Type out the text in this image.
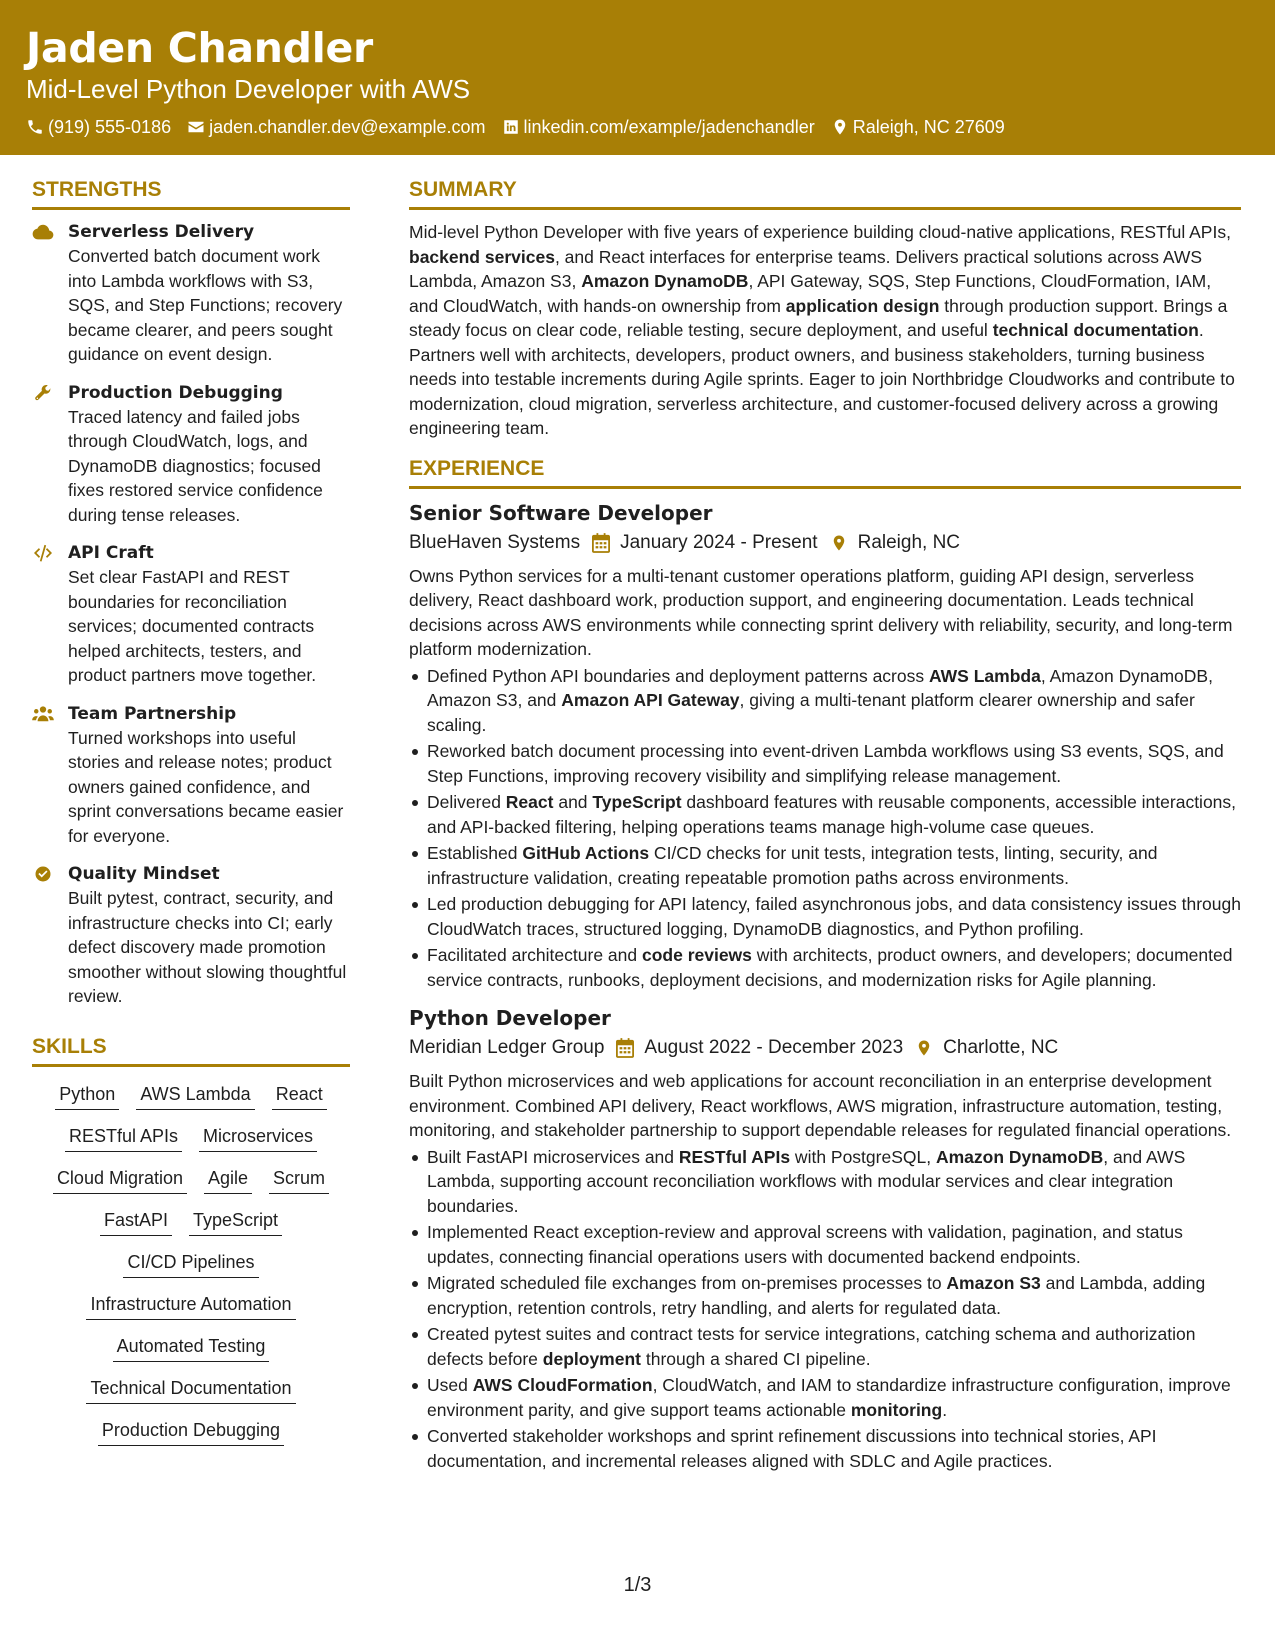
Jaden Chandler
Mid-Level Python Developer with AWS
(919) 555-0186 jaden.chandler.dev@example.com linkedin.com/example/jadenchandler Raleigh, NC 27609
STRENGTHS
Serverless Delivery
Converted batch document work into Lambda workflows with S3, SQS, and Step Functions; recovery became clearer, and peers sought guidance on event design.
Production Debugging
Traced latency and failed jobs through CloudWatch, logs, and DynamoDB diagnostics; focused fixes restored service confidence during tense releases.
API Craft
Set clear FastAPI and REST boundaries for reconciliation services; documented contracts helped architects, testers, and product partners move together.
Team Partnership
Turned workshops into useful stories and release notes; product owners gained confidence, and sprint conversations became easier for everyone.
Quality Mindset
Built pytest, contract, security, and infrastructure checks into CI; early defect discovery made promotion smoother without slowing thoughtful review.
SKILLS
Python AWS Lambda React
RESTful APIs Microservices
Cloud Migration Agile Scrum
FastAPI TypeScript
CI/CD Pipelines
Infrastructure Automation
Automated Testing
Technical Documentation
Production Debugging
SUMMARY

Mid-level Python Developer with five years of experience building cloud-native applications, RESTful APIs, backend services, and React interfaces for enterprise teams. Delivers practical solutions across AWS Lambda, Amazon S3, Amazon DynamoDB, API Gateway, SQS, Step Functions, CloudFormation, IAM, and CloudWatch, with hands-on ownership from application design through production support. Brings a steady focus on clear code, reliable testing, secure deployment, and useful technical documentation. Partners well with architects, developers, product owners, and business stakeholders, turning business needs into testable increments during Agile sprints. Eager to join Northbridge Cloudworks and contribute to modernization, cloud migration, serverless architecture, and customer-focused delivery across a growing engineering team.

EXPERIENCE
Senior Software Developer
BlueHaven Systems January 2024 - Present Raleigh, NC
Owns Python services for a multi-tenant customer operations platform, guiding API design, serverless delivery, React dashboard work, production support, and engineering documentation. Leads technical decisions across AWS environments while connecting sprint delivery with reliability, security, and long-term platform modernization.
Defined Python API boundaries and deployment patterns across AWS Lambda, Amazon DynamoDB, Amazon S3, and Amazon API Gateway, giving a multi-tenant platform clearer ownership and safer scaling.
Reworked batch document processing into event-driven Lambda workflows using S3 events, SQS, and Step Functions, improving recovery visibility and simplifying release management.
Delivered React and TypeScript dashboard features with reusable components, accessible interactions, and API-backed filtering, helping operations teams manage high-volume case queues.
Established GitHub Actions CI/CD checks for unit tests, integration tests, linting, security, and infrastructure validation, creating repeatable promotion paths across environments.
Led production debugging for API latency, failed asynchronous jobs, and data consistency issues through CloudWatch traces, structured logging, DynamoDB diagnostics, and Python profiling.
Facilitated architecture and code reviews with architects, product owners, and developers; documented service contracts, runbooks, deployment decisions, and modernization risks for Agile planning.
Python Developer
Meridian Ledger Group August 2022 - December 2023 Charlotte, NC
Built Python microservices and web applications for account reconciliation in an enterprise development environment. Combined API delivery, React workflows, AWS migration, infrastructure automation, testing, monitoring, and stakeholder partnership to support dependable releases for regulated financial operations.
Built FastAPI microservices and RESTful APIs with PostgreSQL, Amazon DynamoDB, and AWS Lambda, supporting account reconciliation workflows with modular services and clear integration boundaries.
Implemented React exception-review and approval screens with validation, pagination, and status updates, connecting financial operations users with documented backend endpoints.
Migrated scheduled file exchanges from on-premises processes to Amazon S3 and Lambda, adding encryption, retention controls, retry handling, and alerts for regulated data.
Created pytest suites and contract tests for service integrations, catching schema and authorization defects before deployment through a shared CI pipeline.
Used AWS CloudFormation, CloudWatch, and IAM to standardize infrastructure configuration, improve environment parity, and give support teams actionable monitoring.
Converted stakeholder workshops and sprint refinement discussions into technical stories, API documentation, and incremental releases aligned with SDLC and Agile practices.
1/3
